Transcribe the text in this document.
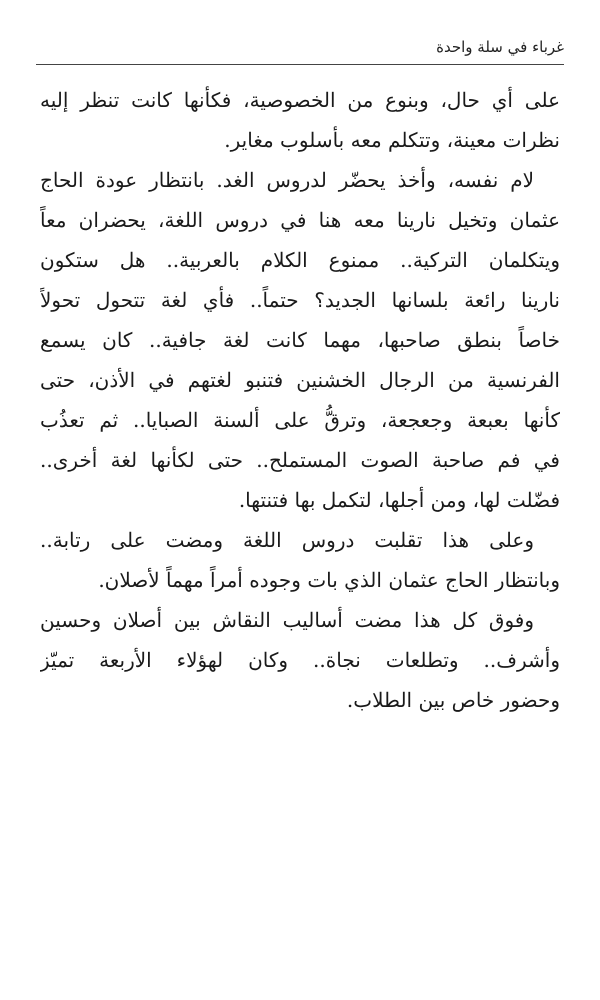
غرباء في سلة واحدة
على أي حال، وبنوع من الخصوصية، فكأنها كانت تنظر إليه
نظرات معينة، وتتكلم معه بأسلوب مغاير.
لام نفسه، وأخذ يحضّر لدروس الغد. بانتظار عودة الحاج
عثمان وتخيل نارينا معه هنا في دروس اللغة، يحضران معاً
ويتكلمان التركية.. ممنوع الكلام بالعربية.. هل ستكون
نارينا رائعة بلسانها الجديد؟ حتماً.. فأي لغة تتحول تحولاً
خاصاً بنطق صاحبها، مهما كانت لغة جافية.. كان يسمع
الفرنسية من الرجال الخشنين فتنبو لغتهم في الأذن، حتى
كأنها بعبعة وجعجعة، وترقُّ على ألسنة الصبايا.. ثم تعذُب
في فم صاحبة الصوت المستملح.. حتى لكأنها لغة أخرى..
فضّلت لها، ومن أجلها، لتكمل بها فتنتها.
وعلى هذا تقلبت دروس اللغة ومضت على رتابة..
وبانتظار الحاج عثمان الذي بات وجوده أمراً مهماً لأصلان.
وفوق كل هذا مضت أساليب النقاش بين أصلان وحسين
وأشرف.. وتطلعات نجاة.. وكان لهؤلاء الأربعة تميّز
وحضور خاص بين الطلاب.
